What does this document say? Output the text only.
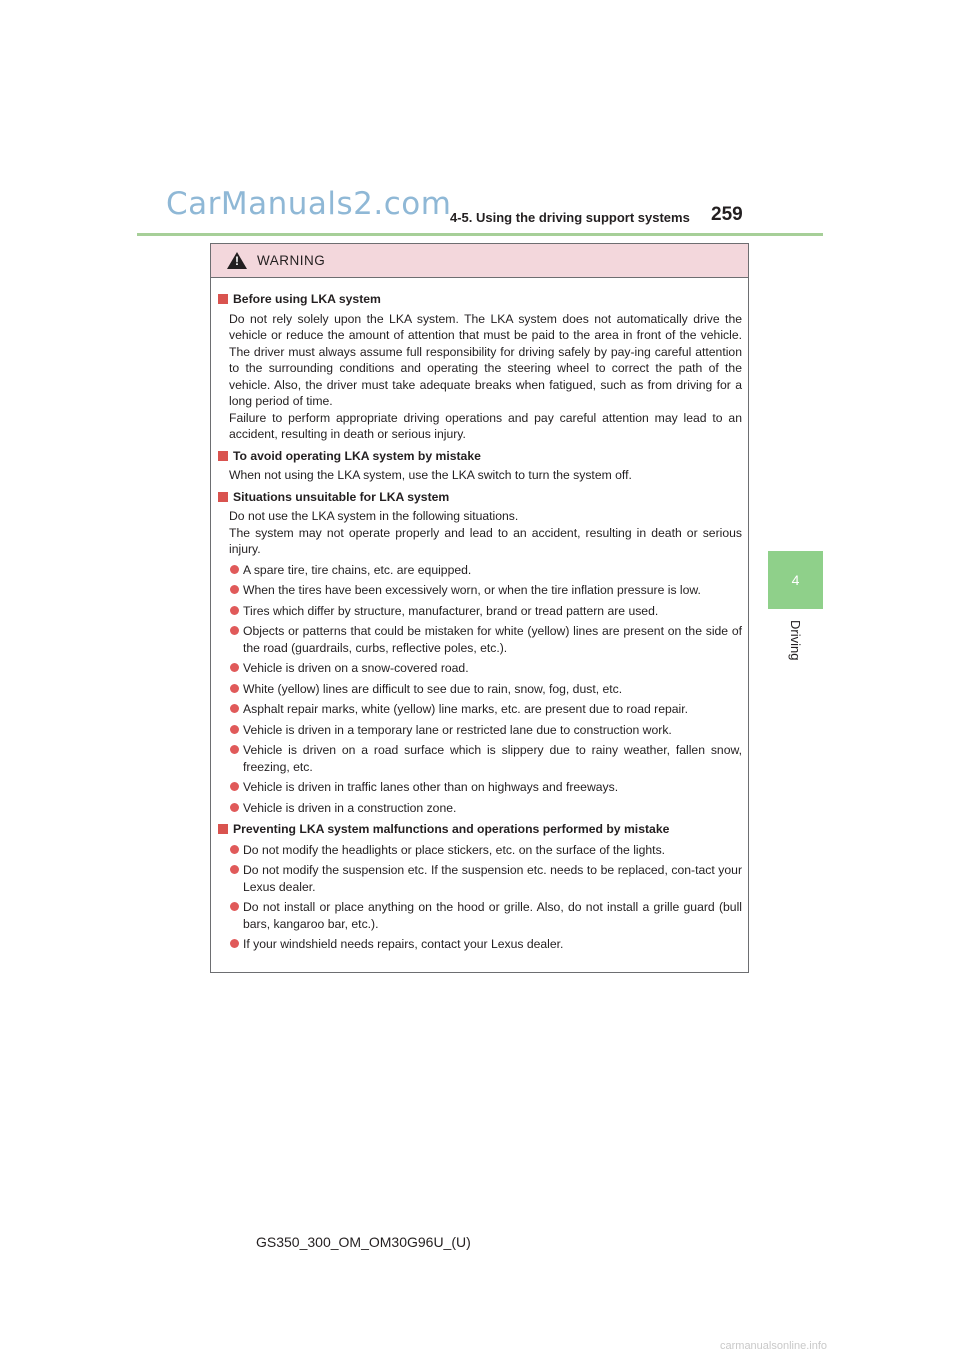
CarManuals2.com
4-5. Using the driving support systems 259
4
Driving
!
WARNING
Before using LKA system
Do not rely solely upon the LKA system. The LKA system does not automatically drive the vehicle or reduce the amount of attention that must be paid to the area in front of the vehicle. The driver must always assume full responsibility for driving safely by pay-ing careful attention to the surrounding conditions and operating the steering wheel to correct the path of the vehicle. Also, the driver must take adequate breaks when fatigued, such as from driving for a long period of time.
Failure to perform appropriate driving operations and pay careful attention may lead to an accident, resulting in death or serious injury.
To avoid operating LKA system by mistake
When not using the LKA system, use the LKA switch to turn the system off.
Situations unsuitable for LKA system
Do not use the LKA system in the following situations.
The system may not operate properly and lead to an accident, resulting in death or serious injury.
A spare tire, tire chains, etc. are equipped.
When the tires have been excessively worn, or when the tire inflation pressure is low.
Tires which differ by structure, manufacturer, brand or tread pattern are used.
Objects or patterns that could be mistaken for white (yellow) lines are present on the side of the road (guardrails, curbs, reflective poles, etc.).
Vehicle is driven on a snow-covered road.
White (yellow) lines are difficult to see due to rain, snow, fog, dust, etc.
Asphalt repair marks, white (yellow) line marks, etc. are present due to road repair.
Vehicle is driven in a temporary lane or restricted lane due to construction work.
Vehicle is driven on a road surface which is slippery due to rainy weather, fallen snow, freezing, etc.
Vehicle is driven in traffic lanes other than on highways and freeways.
Vehicle is driven in a construction zone.
Preventing LKA system malfunctions and operations performed by mistake
Do not modify the headlights or place stickers, etc. on the surface of the lights.
Do not modify the suspension etc. If the suspension etc. needs to be replaced, con-tact your Lexus dealer.
Do not install or place anything on the hood or grille. Also, do not install a grille guard (bull bars, kangaroo bar, etc.).
If your windshield needs repairs, contact your Lexus dealer.
GS350_300_OM_OM30G96U_(U)
carmanualsonline.info
